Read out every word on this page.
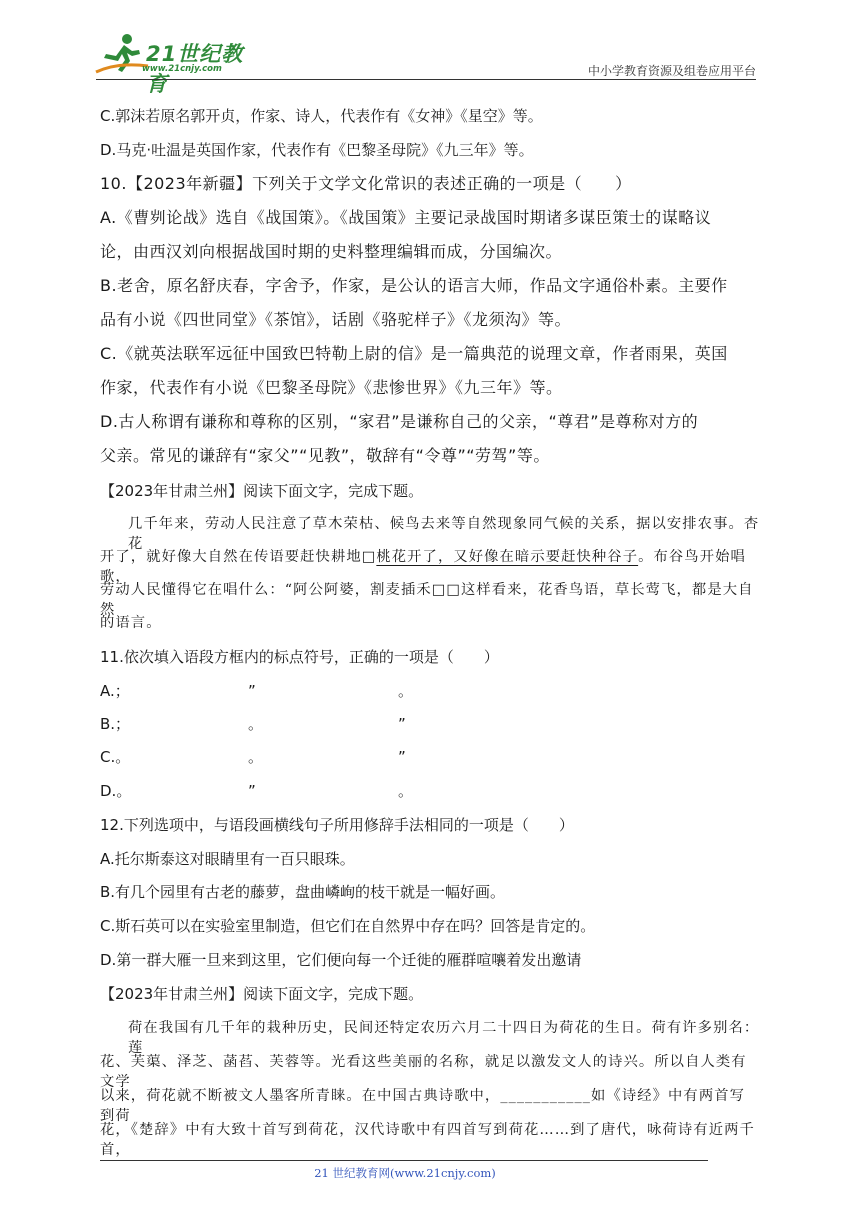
21世纪教育
www.21cnjy.com	中小学教育资源及组卷应用平台
C.郭沫若原名郭开贞，作家、诗人，代表作有《女神》《星空》等。
D.马克·吐温是英国作家，代表作有《巴黎圣母院》《九三年》等。
10.【2023年新疆】下列关于文学文化常识的表述正确的一项是（　　）
A.《曹刿论战》选自《战国策》。《战国策》主要记录战国时期诸多谋臣策士的谋略议
论，由西汉刘向根据战国时期的史料整理编辑而成，分国编次。
B.老舍，原名舒庆春，字舍予，作家，是公认的语言大师，作品文字通俗朴素。主要作
品有小说《四世同堂》《茶馆》，话剧《骆驼样子》《龙须沟》等。
C.《就英法联军远征中国致巴特勒上尉的信》是一篇典范的说理文章，作者雨果，英国
作家，代表作有小说《巴黎圣母院》《悲惨世界》《九三年》等。
D.古人称谓有谦称和尊称的区别，“家君”是谦称自己的父亲，“尊君”是尊称对方的
父亲。常见的谦辞有“家父”“见教”，敬辞有“令尊”“劳驾”等。
【2023年甘肃兰州】阅读下面文字，完成下题。
几千年来，劳动人民注意了草木荣枯、候鸟去来等自然现象同气候的关系，据以安排农事。杏花
开了，就好像大自然在传语要赶快耕地□桃花开了，又好像在暗示要赶快种谷子。布谷鸟开始唱歌，
劳动人民懂得它在唱什么：“阿公阿婆，割麦插禾□□这样看来，花香鸟语，草长莺飞，都是大自然
的语言。
11.依次填入语段方框内的标点符号，正确的一项是（　　）
A.；	”	。
B.；	。	”
C.。	。	”
D.。	”	。
12.下列选项中，与语段画横线句子所用修辞手法相同的一项是（　　）
A.托尔斯泰这对眼睛里有一百只眼珠。
B.有几个园里有古老的藤萝，盘曲嶙峋的枝干就是一幅好画。
C.斯石英可以在实验室里制造，但它们在自然界中存在吗？回答是肯定的。
D.第一群大雁一旦来到这里，它们便向每一个迁徙的雁群喧嚷着发出邀请
【2023年甘肃兰州】阅读下面文字，完成下题。
荷在我国有几千年的栽种历史，民间还特定农历六月二十四日为荷花的生日。荷有许多别名：莲
花、芙蕖、泽芝、菡萏、芙蓉等。光看这些美丽的名称，就足以激发文人的诗兴。所以自人类有文学
以来，荷花就不断被文人墨客所青睐。在中国古典诗歌中，___________如《诗经》中有两首写到荷
花，《楚辞》中有大致十首写到荷花，汉代诗歌中有四首写到荷花……到了唐代，咏荷诗有近两千首，
21 世纪教育网(www.21cnjy.com)
